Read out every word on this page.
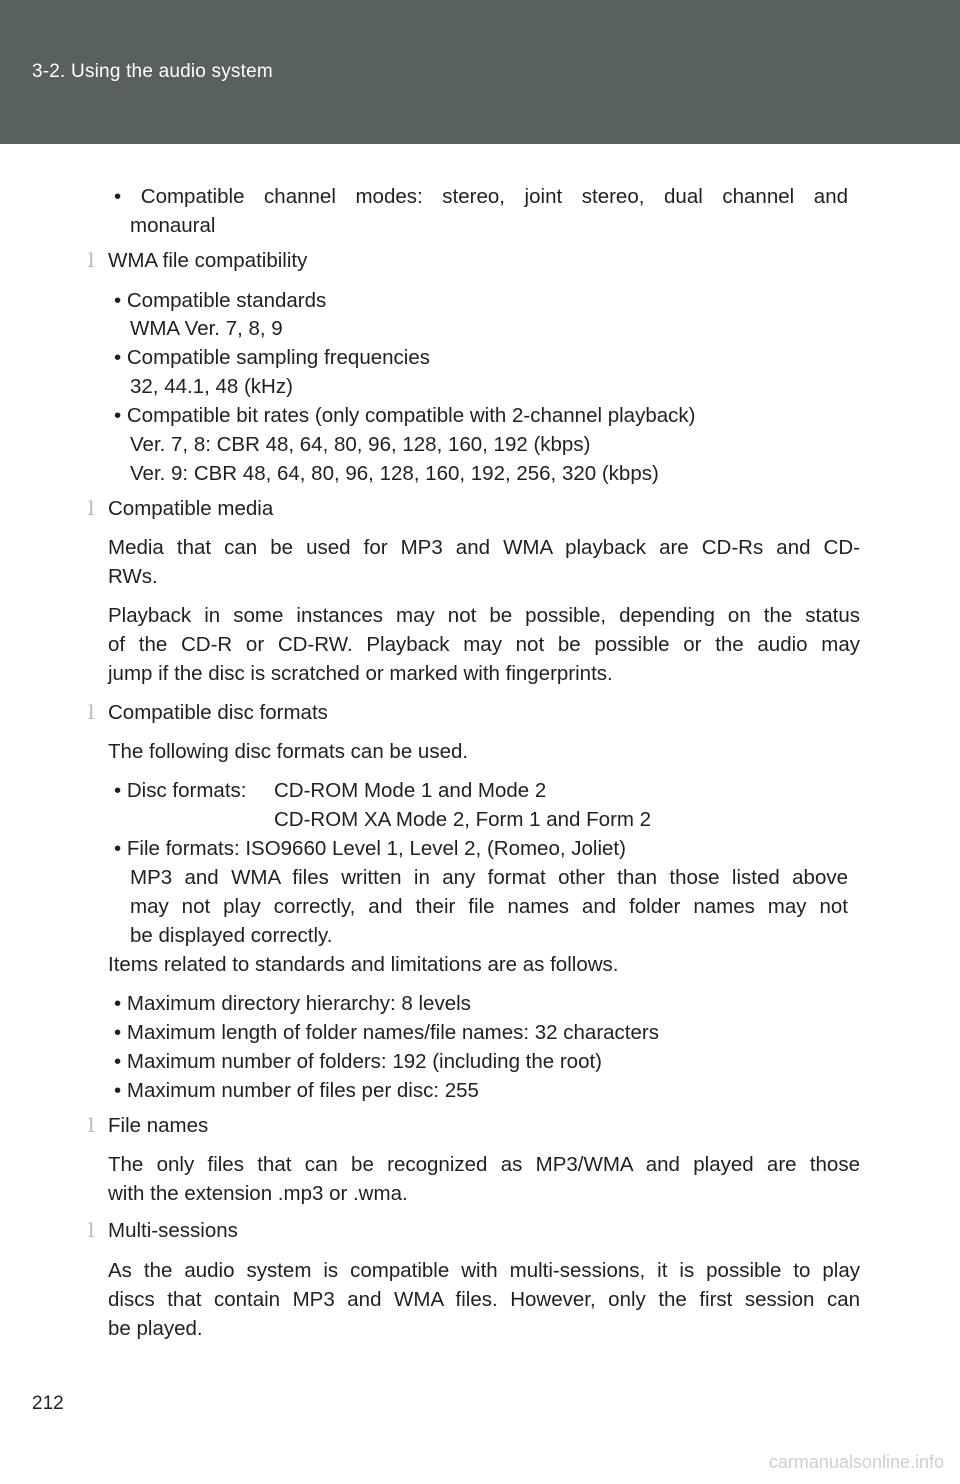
3-2. Using the audio system
• Compatible channel modes: stereo, joint stereo, dual channel and
monaural
l WMA file compatibility
• Compatible standards
WMA Ver. 7, 8, 9
• Compatible sampling frequencies
32, 44.1, 48 (kHz)
• Compatible bit rates (only compatible with 2-channel playback)
Ver. 7, 8: CBR 48, 64, 80, 96, 128, 160, 192 (kbps)
Ver. 9: CBR 48, 64, 80, 96, 128, 160, 192, 256, 320 (kbps)
l Compatible media
Media that can be used for MP3 and WMA playback are CD-Rs and CD-
RWs.
Playback in some instances may not be possible, depending on the status
of the CD-R or CD-RW. Playback may not be possible or the audio may
jump if the disc is scratched or marked with fingerprints.
l Compatible disc formats
The following disc formats can be used.
• Disc formats: CD-ROM Mode 1 and Mode 2
CD-ROM XA Mode 2, Form 1 and Form 2
• File formats: ISO9660 Level 1, Level 2, (Romeo, Joliet)
MP3 and WMA files written in any format other than those listed above
may not play correctly, and their file names and folder names may not
be displayed correctly.
Items related to standards and limitations are as follows.
• Maximum directory hierarchy: 8 levels
• Maximum length of folder names/file names: 32 characters
• Maximum number of folders: 192 (including the root)
• Maximum number of files per disc: 255
l File names
The only files that can be recognized as MP3/WMA and played are those
with the extension .mp3 or .wma.
l Multi-sessions
As the audio system is compatible with multi-sessions, it is possible to play
discs that contain MP3 and WMA files. However, only the first session can
be played.
212
carmanualsonline.info
